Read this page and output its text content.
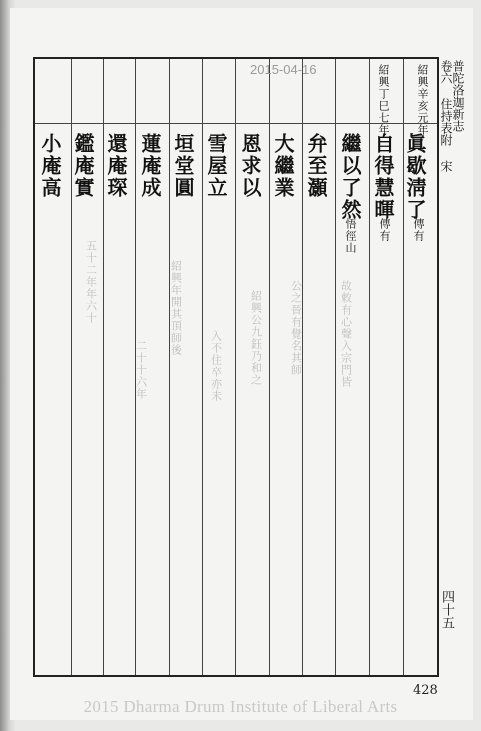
普陀洛迦新志
卷六 住持表附 宋
四十五
故敕有心聲入宗門皆
公之晉有覺名其師
紹興公九鈺乃和之
入不住卒亦未
紹興年開其頂師後
二十十六年
五十二年年六十
紹興辛亥元年
眞歇淸了
傳有
紹興丁巳七年
自得慧暉
傳有
繼以了然
悟徑山
弁至灝
大繼業
恩求以
雪屋立
垣堂圓
蓮庵成
還庵琛
鑑庵實
小庵高
2015-04-16
428
2015 Dharma Drum Institute of Liberal Arts
